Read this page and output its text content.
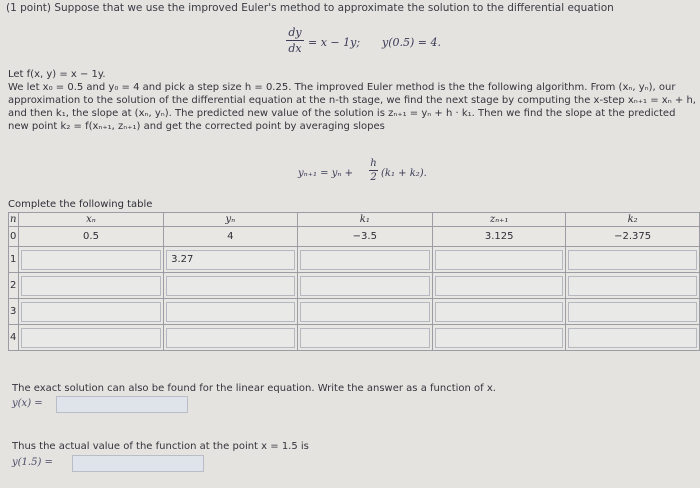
(1 point) Suppose that we use the improved Euler's method to approximate the solution to the differential equation
dy
dx = x − 1y; y(0.5) = 4.
Let f(x, y) = x − 1y.
We let x₀ = 0.5 and y₀ = 4 and pick a step size h = 0.25. The improved Euler method is the the following algorithm. From (xₙ, yₙ), our
approximation to the solution of the differential equation at the n-th stage, we find the next stage by computing the x-step xₙ₊₁ = xₙ + h,
and then k₁, the slope at (xₙ, yₙ). The predicted new value of the solution is zₙ₊₁ = yₙ + h · k₁. Then we find the slope at the predicted
new point k₂ = f(xₙ₊₁, zₙ₊₁) and get the corrected point by averaging slopes
yₙ₊₁ = yₙ +
h
2 (k₁ + k₂).
Complete the following table
n	xₙ	yₙ	k₁	zₙ₊₁	k₂
0	0.5	4	−3.5	3.125	−2.375
1		3.27			

2	

3	

4	

The exact solution can also be found for the linear equation. Write the answer as a function of x.
y(x) =
Thus the actual value of the function at the point x = 1.5 is
y(1.5) =
